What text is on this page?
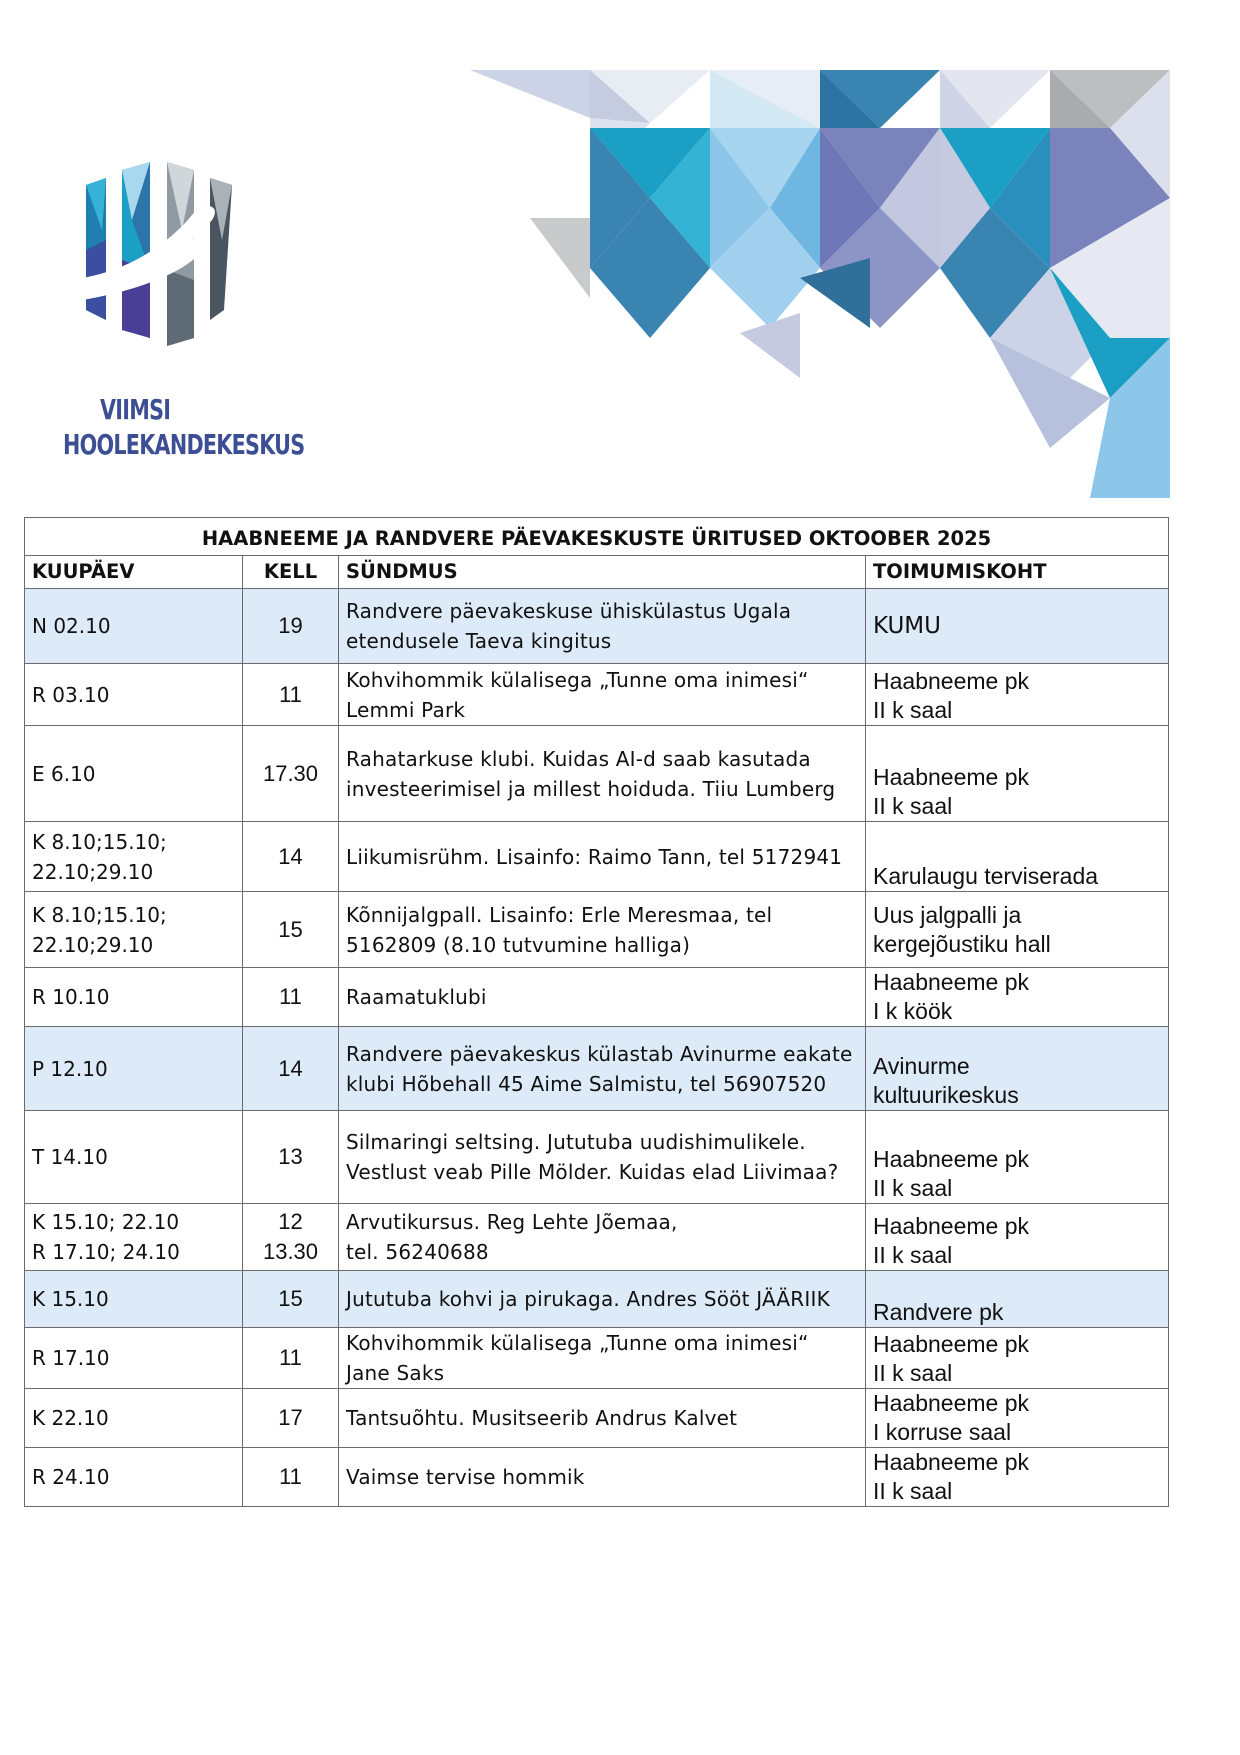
VIIMSI
HOOLEKANDEKESKUS
HAABNEEME JA RANDVERE PÄEVAKESKUSTE ÜRITUSED OKTOOBER 2025			
KUUPÄEV	KELL	SÜNDMUS	TOIMUMISKOHT

N 02.10	19	Randvere päevakeskuse ühiskülastus Ugala
etendusele Taeva kingitus	KUMU

R 03.10	11	Kohvihommik külalisega „Tunne oma inimesi“
Lemmi Park	Haabneeme pk
II k saal

E 6.10	17.30	Rahatarkuse klubi. Kuidas AI-d saab kasutada
investeerimisel ja millest hoiduda. Tiiu Lumberg	Haabneeme pk
II k saal

K 8.10;15.10;
22.10;29.10	14	Liikumisrühm. Lisainfo: Raimo Tann, tel 5172941	Karulaugu terviserada

K 8.10;15.10;
22.10;29.10	15	Kõnnijalgpall. Lisainfo: Erle Meresmaa, tel
5162809 (8.10 tutvumine halliga)	Uus jalgpalli ja
kergejõustiku hall

R 10.10	11	Raamatuklubi	Haabneeme pk
I k köök

P 12.10	14	Randvere päevakeskus külastab Avinurme eakate
klubi Hõbehall 45 Aime Salmistu, tel 56907520	Avinurme
kultuurikeskus

T 14.10	13	Silmaringi seltsing. Jututuba uudishimulikele.
Vestlust veab Pille Mölder. Kuidas elad Liivimaa?	Haabneeme pk
II k saal

K 15.10; 22.10
R 17.10; 24.10	12
13.30	Arvutikursus. Reg Lehte Jõemaa,
tel. 56240688	Haabneeme pk
II k saal

K 15.10	15	Jututuba kohvi ja pirukaga. Andres Sööt JÄÄRIIK	Randvere pk

R 17.10	11	Kohvihommik külalisega „Tunne oma inimesi“
Jane Saks	Haabneeme pk
II k saal

K 22.10	17	Tantsuõhtu. Musitseerib Andrus Kalvet	Haabneeme pk
I korruse saal

R 24.10	11	Vaimse tervise hommik	Haabneeme pk
II k saal
